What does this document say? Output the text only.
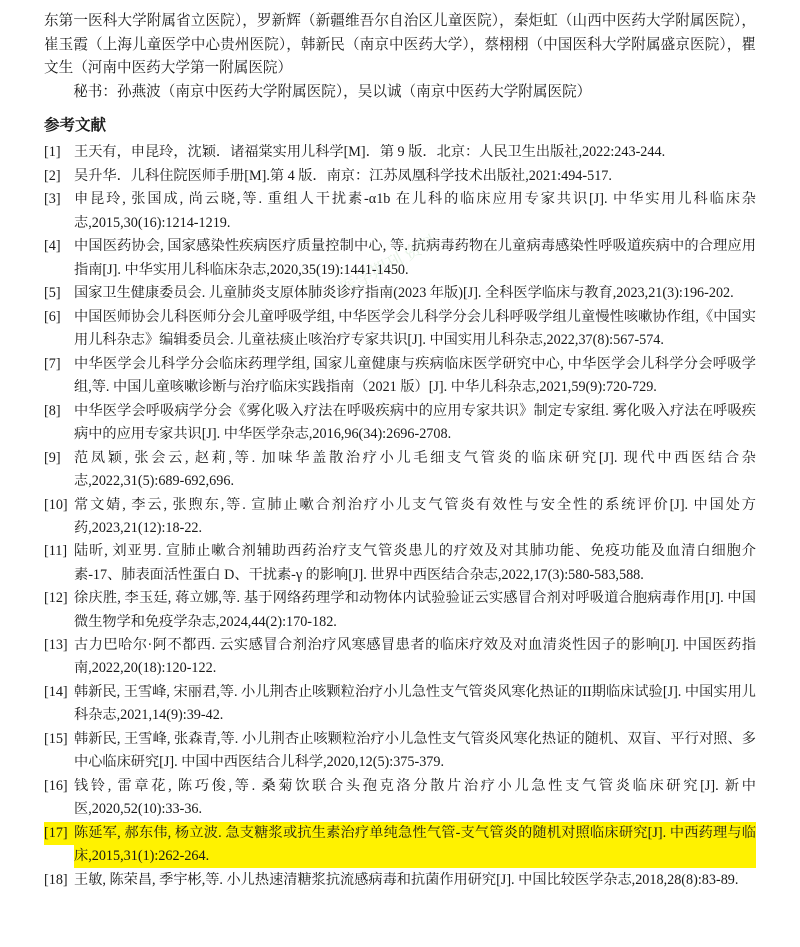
医学期刊 资料

东第一医科大学附属省立医院），罗新辉（新疆维吾尔自治区儿童医院），秦炬虹（山西中医药大学附属医院），崔玉霞（上海儿童医学中心贵州医院），韩新民（南京中医药大学），蔡栩栩（中国医科大学附属盛京医院），瞿文生（河南中医药大学第一附属医院）

秘书：孙燕波（南京中医药大学附属医院），吴以诚（南京中医药大学附属医院）

参考文献
[1] 王天有，申昆玲，沈颖．诸福棠实用儿科学[M]．第 9 版．北京：人民卫生出版社,2022:243-244.
[2] 吴升华．儿科住院医师手册[M].第 4 版．南京：江苏凤凰科学技术出版社,2021:494-517.
[3] 申昆玲, 张国成, 尚云晓,等. 重组人干扰素-α1b 在儿科的临床应用专家共识[J]. 中华实用儿科临床杂志,2015,30(16):1214-1219.
[4] 中国医药协会, 国家感染性疾病医疗质量控制中心, 等. 抗病毒药物在儿童病毒感染性呼吸道疾病中的合理应用指南[J]. 中华实用儿科临床杂志,2020,35(19):1441-1450.
[5] 国家卫生健康委员会. 儿童肺炎支原体肺炎诊疗指南(2023 年版)[J]. 全科医学临床与教育,2023,21(3):196-202.
[6] 中国医师协会儿科医师分会儿童呼吸学组, 中华医学会儿科学分会儿科呼吸学组儿童慢性咳嗽协作组,《中国实用儿科杂志》编辑委员会. 儿童祛痰止咳治疗专家共识[J]. 中国实用儿科杂志,2022,37(8):567-574.
[7] 中华医学会儿科学分会临床药理学组, 国家儿童健康与疾病临床医学研究中心, 中华医学会儿科学分会呼吸学组,等. 中国儿童咳嗽诊断与治疗临床实践指南（2021 版）[J]. 中华儿科杂志,2021,59(9):720-729.
[8] 中华医学会呼吸病学分会《雾化吸入疗法在呼吸疾病中的应用专家共识》制定专家组. 雾化吸入疗法在呼吸疾病中的应用专家共识[J]. 中华医学杂志,2016,96(34):2696-2708.
[9] 范凤颖, 张会云, 赵莉,等. 加味华盖散治疗小儿毛细支气管炎的临床研究[J]. 现代中西医结合杂志,2022,31(5):689-692,696.
[10] 常文婧, 李云, 张煦东,等. 宣肺止嗽合剂治疗小儿支气管炎有效性与安全性的系统评价[J]. 中国处方药,2023,21(12):18-22.
[11] 陆昕, 刘亚男. 宣肺止嗽合剂辅助西药治疗支气管炎患儿的疗效及对其肺功能、免疫功能及血清白细胞介素-17、肺表面活性蛋白 D、干扰素-γ 的影响[J]. 世界中西医结合杂志,2022,17(3):580-583,588.
[12] 徐庆胜, 李玉廷, 蒋立娜,等. 基于网络药理学和动物体内试验验证云实感冒合剂对呼吸道合胞病毒作用[J]. 中国微生物学和免疫学杂志,2024,44(2):170-182.
[13] 古力巴哈尔·阿不都西. 云实感冒合剂治疗风寒感冒患者的临床疗效及对血清炎性因子的影响[J]. 中国医药指南,2022,20(18):120-122.
[14] 韩新民, 王雪峰, 宋丽君,等. 小儿荆杏止咳颗粒治疗小儿急性支气管炎风寒化热证的II期临床试验[J]. 中国实用儿科杂志,2021,14(9):39-42.
[15] 韩新民, 王雪峰, 张森青,等. 小儿荆杏止咳颗粒治疗小儿急性支气管炎风寒化热证的随机、双盲、平行对照、多中心临床研究[J]. 中国中西医结合儿科学,2020,12(5):375-379.
[16] 钱铃, 雷章花, 陈巧俊,等. 桑菊饮联合头孢克洛分散片治疗小儿急性支气管炎临床研究[J]. 新中医,2020,52(10):33-36.
[17] 陈延军, 郝东伟, 杨立波. 急支糖浆或抗生素治疗单纯急性气管-支气管炎的随机对照临床研究[J]. 中西药理与临床,2015,31(1):262-264.
[18] 王敏, 陈荣昌, 季宇彬,等. 小儿热速清糖浆抗流感病毒和抗菌作用研究[J]. 中国比较医学杂志,2018,28(8):83-89.
